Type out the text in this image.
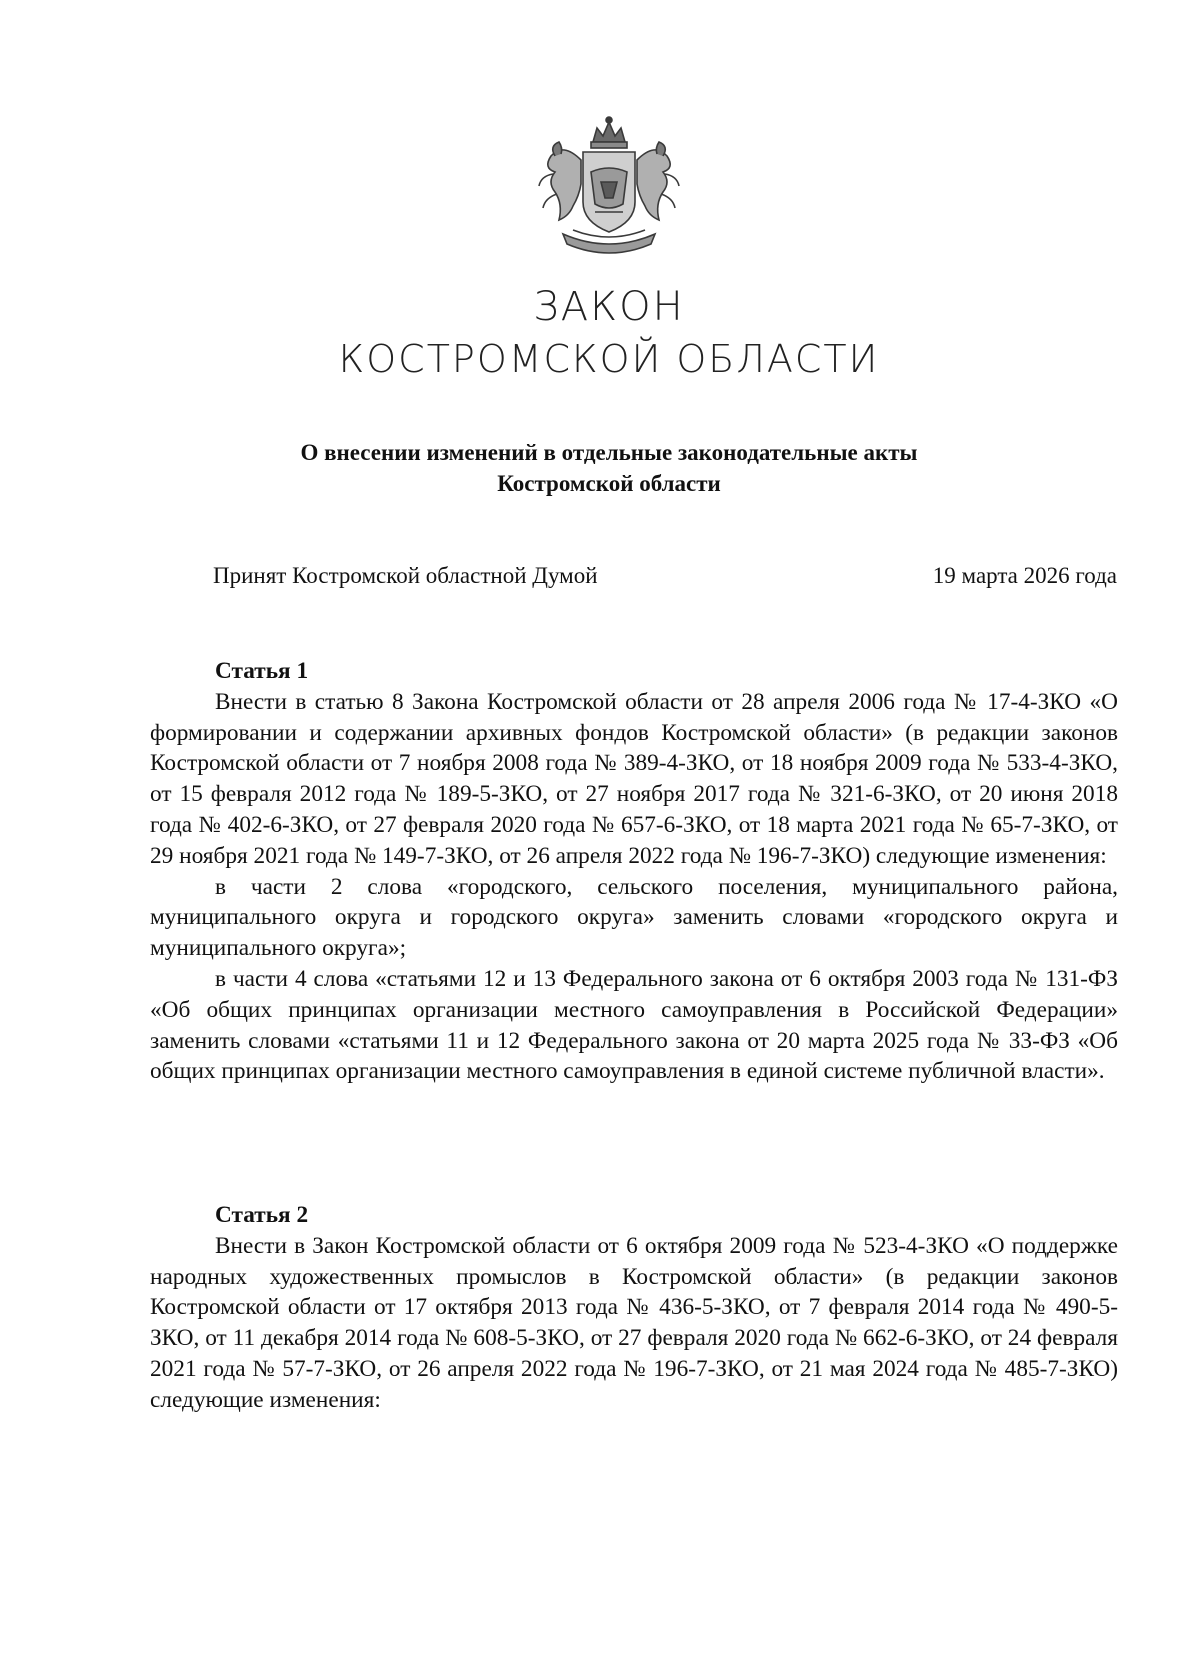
ЗАКОН
КОСТРОМСКОЙ ОБЛАСТИ
О внесении изменений в отдельные законодательные акты
Костромской области
Принят Костромской областной Думой	19 марта 2026 года
Статья 1

Внести в статью 8 Закона Костромской области от 28 апреля 2006 года № 17-4-ЗКО «О формировании и содержании архивных фондов Костромской области» (в редакции законов Костромской области от 7 ноября 2008 года № 389-4-ЗКО, от 18 ноября 2009 года № 533-4-ЗКО, от 15 февраля 2012 года № 189-5-ЗКО, от 27 ноября 2017 года № 321-6-ЗКО, от 20 июня 2018 года № 402-6-ЗКО, от 27 февраля 2020 года № 657-6-ЗКО, от 18 марта 2021 года № 65-7-ЗКО, от 29 ноября 2021 года № 149-7-ЗКО, от 26 апреля 2022 года № 196-7-ЗКО) следующие изменения:

в части 2 слова «городского, сельского поселения, муниципального района, муниципального округа и городского округа» заменить словами «городского округа и муниципального округа»;

в части 4 слова «статьями 12 и 13 Федерального закона от 6 октября 2003 года № 131-ФЗ «Об общих принципах организации местного самоуправления в Российской Федерации» заменить словами «статьями 11 и 12 Федерального закона от 20 марта 2025 года № 33-ФЗ «Об общих принципах организации местного самоуправления в единой системе публичной власти».

Статья 2

Внести в Закон Костромской области от 6 октября 2009 года № 523-4-ЗКО «О поддержке народных художественных промыслов в Костромской области» (в редакции законов Костромской области от 17 октября 2013 года № 436-5-ЗКО, от 7 февраля 2014 года № 490-5-ЗКО, от 11 декабря 2014 года № 608-5-ЗКО, от 27 февраля 2020 года № 662-6-ЗКО, от 24 февраля 2021 года № 57-7-ЗКО, от 26 апреля 2022 года № 196-7-ЗКО, от 21 мая 2024 года № 485-7-ЗКО) следующие изменения:
